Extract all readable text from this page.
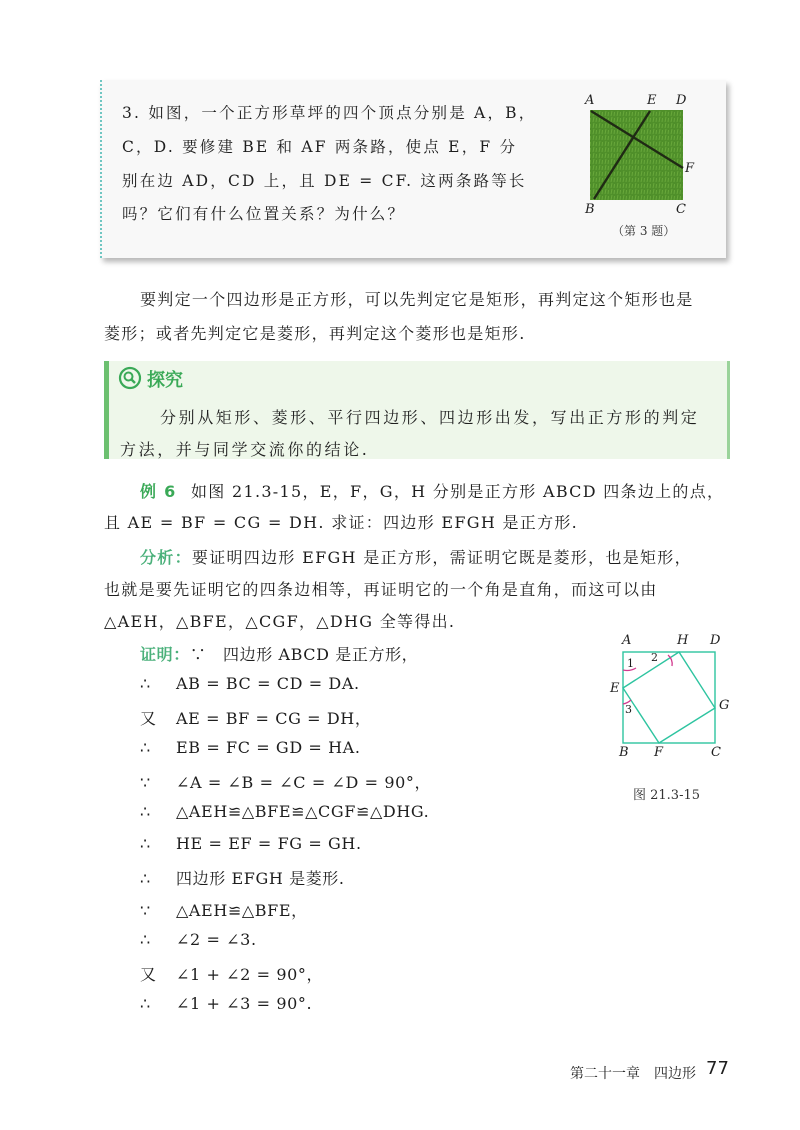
3. 如图，一个正方形草坪的四个顶点分别是 A，B，
C，D. 要修建 BE 和 AF 两条路，使点 E，F 分
别在边 AD，CD 上，且 DE = CF. 这两条路等长
吗？它们有什么位置关系？为什么？
A	E D
F
B	C
（第 3 题）
要判定一个四边形是正方形，可以先判定它是矩形，再判定这个矩形也是
菱形；或者先判定它是菱形，再判定这个菱形也是矩形.
探究
分别从矩形、菱形、平行四边形、四边形出发，写出正方形的判定
方法，并与同学交流你的结论.
例 6 如图 21.3-15，E，F，G，H 分别是正方形 ABCD 四条边上的点，
且 AE = BF = CG = DH. 求证：四边形 EFGH 是正方形.
分析：要证明四边形 EFGH 是正方形，需证明它既是菱形，也是矩形，
也就是要先证明它的四条边相等，再证明它的一个角是直角，而这可以由
△AEH，△BFE，△CGF，△DHG 全等得出.
证明：∵　四边形 ABCD 是正方形，
∴ AB = BC = CD = DA.
又 AE = BF = CG = DH，
∴ EB = FC = GD = HA.
∵ ∠A = ∠B = ∠C = ∠D = 90°，
∴ △AEH≌△BFE≌△CGF≌△DHG.
∴ HE = EF = FG = GH.
∴ 四边形 EFGH 是菱形.
∵ △AEH≌△BFE，
∴ ∠2 = ∠3.
又 ∠1 + ∠2 = 90°，
∴ ∠1 + ∠3 = 90°.
A	H D
E
G
B F	C
1 2
3
图 21.3-15
第二十一章　四边形 77
